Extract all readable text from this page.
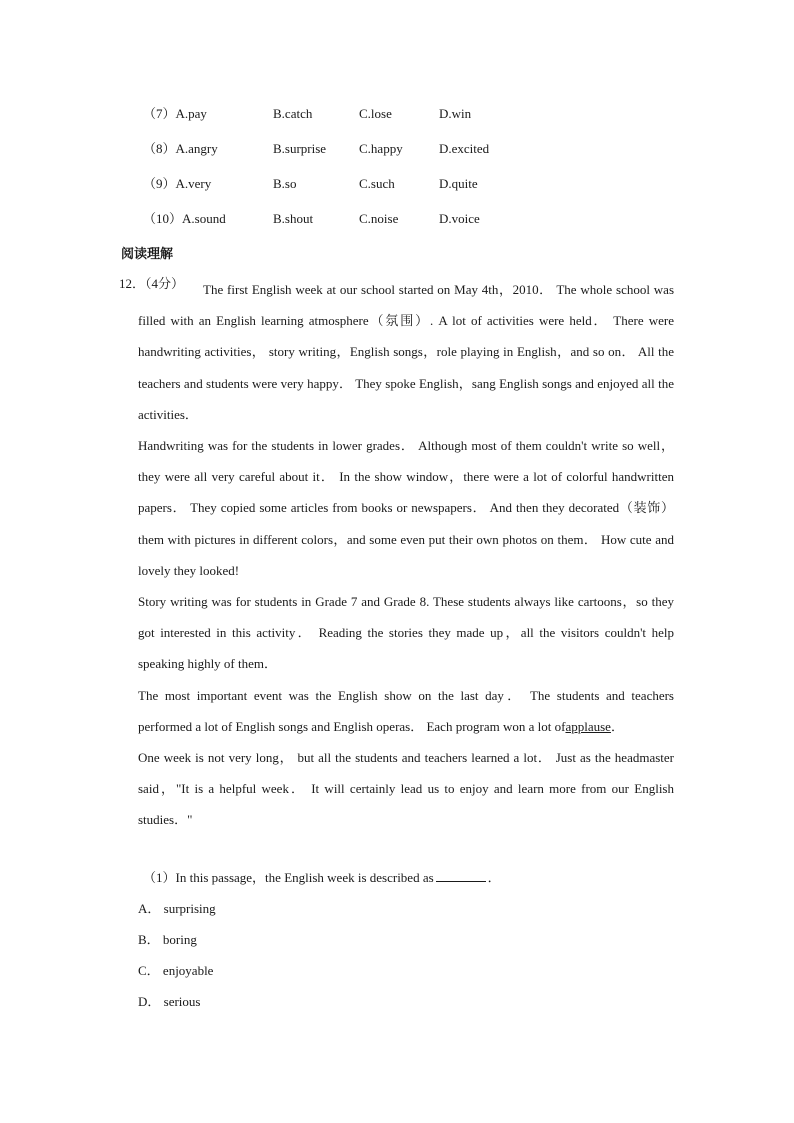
（7）A.pay	B.catch	C.lose	D.win
（8）A.angry	B.surprise	C.happy	D.excited
（9）A.very	B.so	C.such	D.quite
（10）A.sound	B.shout	C.noise	D.voice
阅读理解
12．（4分）	The first English week at our school started on May 4th，2010． The whole school was filled with an English learning atmosphere（氛围）. A lot of activities were held． There were handwriting activities， story writing，English songs，role playing in English，and so on． All the teachers and students were very happy． They spoke English，sang English songs and enjoyed all the activities．

Handwriting was for the students in lower grades． Although most of them couldn't write so well，they were all very careful about it． In the show window，there were a lot of colorful handwritten papers． They copied some articles from books or newspapers． And then they decorated（装饰）them with pictures in different colors，and some even put their own photos on them． How cute and lovely they looked!

Story writing was for students in Grade 7 and Grade 8. These students always like cartoons，so they got interested in this activity． Reading the stories they made up，all the visitors couldn't help speaking highly of them．

The most important event was the English show on the last day． The students and teachers performed a lot of English songs and English operas． Each program won a lot ofapplause．

One week is not very long， but all the students and teachers learned a lot． Just as the headmaster said，"It is a helpful week． It will certainly lead us to enjoy and learn more from our English studies．"

（1）In this passage，the English week is described as	．
A． surprising
B． boring
C． enjoyable
D． serious
